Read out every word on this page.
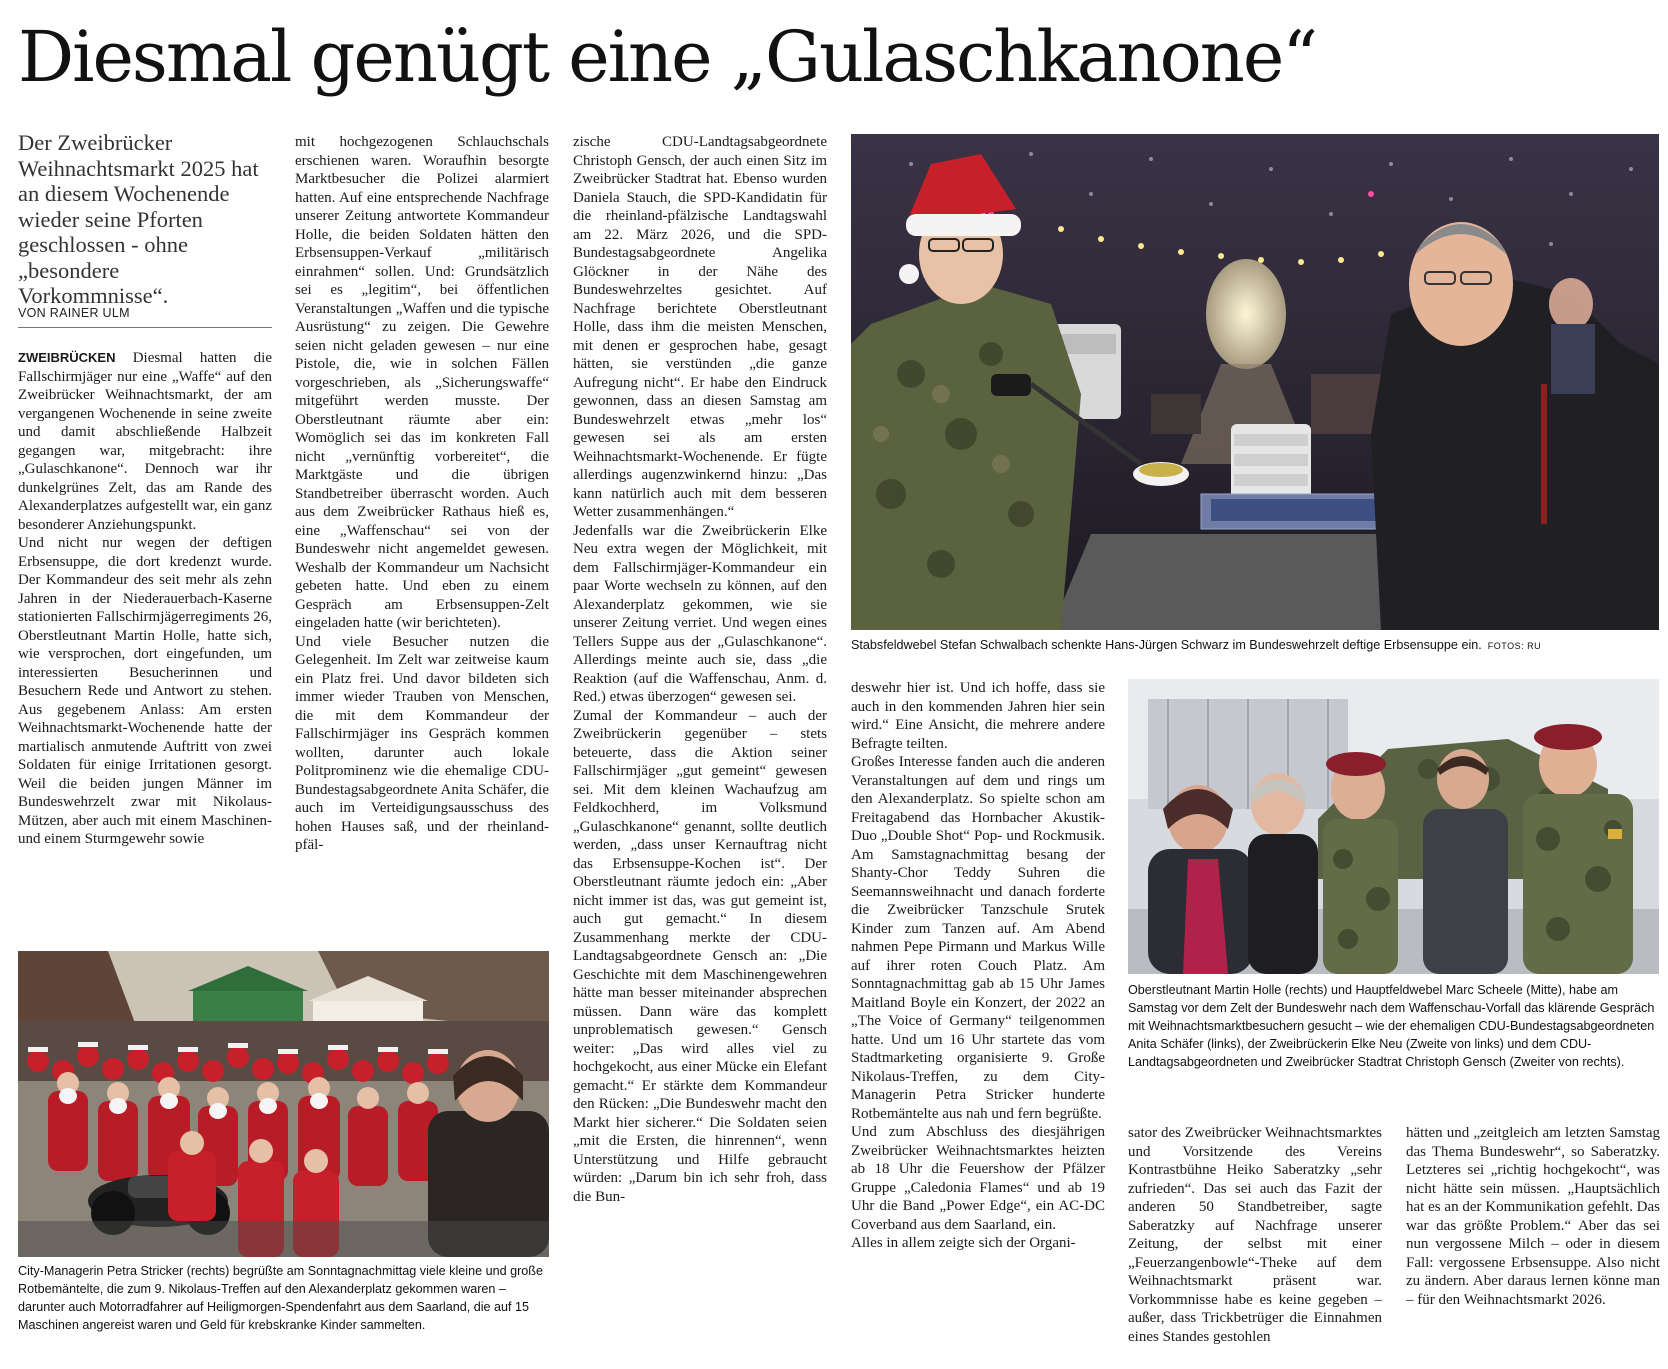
Diesmal genügt eine „Gulaschkanone“

Der Zweibrücker Weihnachtsmarkt 2025 hat an diesem Wochenende wieder seine Pforten geschlossen - ohne „besondere Vorkommnisse“.

VON RAINER ULM

ZWEIBRÜCKEN Diesmal hatten die Fallschirmjäger nur eine „Waffe“ auf den Zweibrücker Weihnachtsmarkt, der am vergangenen Wochenende in seine zweite und damit abschließende Halbzeit gegangen war, mitgebracht: ihre „Gulaschkanone“. Dennoch war ihr dunkelgrünes Zelt, das am Rande des Alexanderplatzes aufgestellt war, ein ganz besonderer Anziehungspunkt.

Und nicht nur wegen der deftigen Erbsensuppe, die dort kredenzt wurde. Der Kommandeur des seit mehr als zehn Jahren in der Niederauerbach-Kaserne stationierten Fallschirmjägerregiments 26, Oberstleutnant Martin Holle, hatte sich, wie versprochen, dort eingefunden, um interessierten Besucherinnen und Besuchern Rede und Antwort zu stehen. Aus gegebenem Anlass: Am ersten Weihnachtsmarkt-Wochenende hatte der martialisch anmutende Auftritt von zwei Soldaten für einige Irritationen gesorgt. Weil die beiden jungen Männer im Bundeswehrzelt zwar mit Nikolaus-Mützen, aber auch mit einem Maschinen- und einem Sturmgewehr sowie

mit hochgezogenen Schlauchschals erschienen waren. Woraufhin besorgte Marktbesucher die Polizei alarmiert hatten. Auf eine entsprechende Nachfrage unserer Zeitung antwortete Kommandeur Holle, die beiden Soldaten hätten den Erbsensuppen-Verkauf „militärisch einrahmen“ sollen. Und: Grundsätzlich sei es „legitim“, bei öffentlichen Veranstaltungen „Waffen und die typische Ausrüstung“ zu zeigen. Die Gewehre seien nicht geladen gewesen – nur eine Pistole, die, wie in solchen Fällen vorgeschrieben, als „Sicherungswaffe“ mitgeführt werden musste. Der Oberstleutnant räumte aber ein: Womöglich sei das im konkreten Fall nicht „vernünftig vorbereitet“, die Marktgäste und die übrigen Standbetreiber überrascht worden. Auch aus dem Zweibrücker Rathaus hieß es, eine „Waffenschau“ sei von der Bundeswehr nicht angemeldet gewesen. Weshalb der Kommandeur um Nachsicht gebeten hatte. Und eben zu einem Gespräch am Erbsensuppen-Zelt eingeladen hatte (wir berichteten).

Und viele Besucher nutzen die Gelegenheit. Im Zelt war zeitweise kaum ein Platz frei. Und davor bildeten sich immer wieder Trauben von Menschen, die mit dem Kommandeur der Fallschirmjäger ins Gespräch kommen wollten, darunter auch lokale Politprominenz wie die ehemalige CDU-Bundestagsabgeordnete Anita Schäfer, die auch im Verteidigungsausschuss des hohen Hauses saß, und der rheinland-pfäl-

zische CDU-Landtagsabgeordnete Christoph Gensch, der auch einen Sitz im Zweibrücker Stadtrat hat. Ebenso wurden Daniela Stauch, die SPD-Kandidatin für die rheinland-pfälzische Landtagswahl am 22. März 2026, und die SPD-Bundestagsabgeordnete Angelika Glöckner in der Nähe des Bundeswehrzeltes gesichtet. Auf Nachfrage berichtete Oberstleutnant Holle, dass ihm die meisten Menschen, mit denen er gesprochen habe, gesagt hätten, sie verstünden „die ganze Aufregung nicht“. Er habe den Eindruck gewonnen, dass an diesen Samstag am Bundeswehrzelt etwas „mehr los“ gewesen sei als am ersten Weihnachtsmarkt-Wochenende. Er fügte allerdings augenzwinkernd hinzu: „Das kann natürlich auch mit dem besseren Wetter zusammenhängen.“

Jedenfalls war die Zweibrückerin Elke Neu extra wegen der Möglichkeit, mit dem Fallschirmjäger-Kommandeur ein paar Worte wechseln zu können, auf den Alexanderplatz gekommen, wie sie unserer Zeitung verriet. Und wegen eines Tellers Suppe aus der „Gulaschkanone“. Allerdings meinte auch sie, dass „die Reaktion (auf die Waffenschau, Anm. d. Red.) etwas überzogen“ gewesen sei.

Zumal der Kommandeur – auch der Zweibrückerin gegenüber – stets beteuerte, dass die Aktion seiner Fallschirmjäger „gut gemeint“ gewesen sei. Mit dem kleinen Wachaufzug am Feldkochherd, im Volksmund „Gulaschkanone“ genannt, sollte deutlich werden, „dass unser Kernauftrag nicht das Erbsensuppe-Kochen ist“. Der Oberstleutnant räumte jedoch ein: „Aber nicht immer ist das, was gut gemeint ist, auch gut gemacht.“ In diesem Zusammenhang merkte der CDU-Landtagsabgeordnete Gensch an: „Die Geschichte mit dem Maschinengewehren hätte man besser miteinander absprechen müssen. Dann wäre das komplett unproblematisch gewesen.“ Gensch weiter: „Das wird alles viel zu hochgekocht, aus einer Mücke ein Elefant gemacht.“ Er stärkte dem Kommandeur den Rücken: „Die Bundeswehr macht den Markt hier sicherer.“ Die Soldaten seien „mit die Ersten, die hinrennen“, wenn Unterstützung und Hilfe gebraucht würden: „Darum bin ich sehr froh, dass die Bun-

deswehr hier ist. Und ich hoffe, dass sie auch in den kommenden Jahren hier sein wird.“ Eine Ansicht, die mehrere andere Befragte teilten.

Großes Interesse fanden auch die anderen Veranstaltungen auf dem und rings um den Alexanderplatz. So spielte schon am Freitagabend das Hornbacher Akustik-Duo „Double Shot“ Pop- und Rockmusik. Am Samstagnachmittag besang der Shanty-Chor Teddy Suhren die Seemannsweihnacht und danach forderte die Zweibrücker Tanzschule Srutek Kinder zum Tanzen auf. Am Abend nahmen Pepe Pirmann und Markus Wille auf ihrer roten Couch Platz. Am Sonntagnachmittag gab ab 15 Uhr James Maitland Boyle ein Konzert, der 2022 an „The Voice of Germany“ teilgenommen hatte. Und um 16 Uhr startete das vom Stadtmarketing organisierte 9. Große Nikolaus-Treffen, zu dem City-Managerin Petra Stricker hunderte Rotbemäntelte aus nah und fern begrüßte.

Und zum Abschluss des diesjährigen Zweibrücker Weihnachtsmarktes heizten ab 18 Uhr die Feuershow der Pfälzer Gruppe „Caledonia Flames“ und ab 19 Uhr die Band „Power Edge“, ein AC-DC Coverband aus dem Saarland, ein.

Alles in allem zeigte sich der Organi-

sator des Zweibrücker Weihnachtsmarktes und Vorsitzende des Vereins Kontrastbühne Heiko Saberatzky „sehr zufrieden“. Das sei auch das Fazit der anderen 50 Standbetreiber, sagte Saberatzky auf Nachfrage unserer Zeitung, der selbst mit einer „Feuerzangenbowle“-Theke auf dem Weihnachtsmarkt präsent war. Vorkommnisse habe es keine gegeben – außer, dass Trickbetrüger die Einnahmen eines Standes gestohlen

hätten und „zeitgleich am letzten Samstag das Thema Bundeswehr“, so Saberatzky. Letzteres sei „richtig hochgekocht“, was nicht hätte sein müssen. „Hauptsächlich hat es an der Kommunikation gefehlt. Das war das größte Problem.“ Aber das sei nun vergossene Milch – oder in diesem Fall: vergossene Erbsensuppe. Also nicht zu ändern. Aber daraus lernen könne man – für den Weihnachtsmarkt 2026.

Stabsfeldwebel Stefan Schwalbach schenkte Hans-Jürgen Schwarz im Bundeswehrzelt deftige Erbsensuppe ein. FOTOS: RU

Oberstleutnant Martin Holle (rechts) und Hauptfeldwebel Marc Scheele (Mitte), habe am Samstag vor dem Zelt der Bundeswehr nach dem Waffenschau-Vorfall das klärende Gespräch mit Weihnachtsmarktbesuchern gesucht – wie der ehemaligen CDU-Bundestagsabgeordneten Anita Schäfer (links), der Zweibrückerin Elke Neu (Zweite von links) und dem CDU-Landtagsabgeordneten und Zweibrücker Stadtrat Christoph Gensch (Zweiter von rechts).

City-Managerin Petra Stricker (rechts) begrüßte am Sonntagnachmittag viele kleine und große Rotbemäntelte, die zum 9. Nikolaus-Treffen auf den Alexanderplatz gekommen waren – darunter auch Motorradfahrer auf Heiligmorgen-Spendenfahrt aus dem Saarland, die auf 15 Maschinen angereist waren und Geld für krebskranke Kinder sammelten.
